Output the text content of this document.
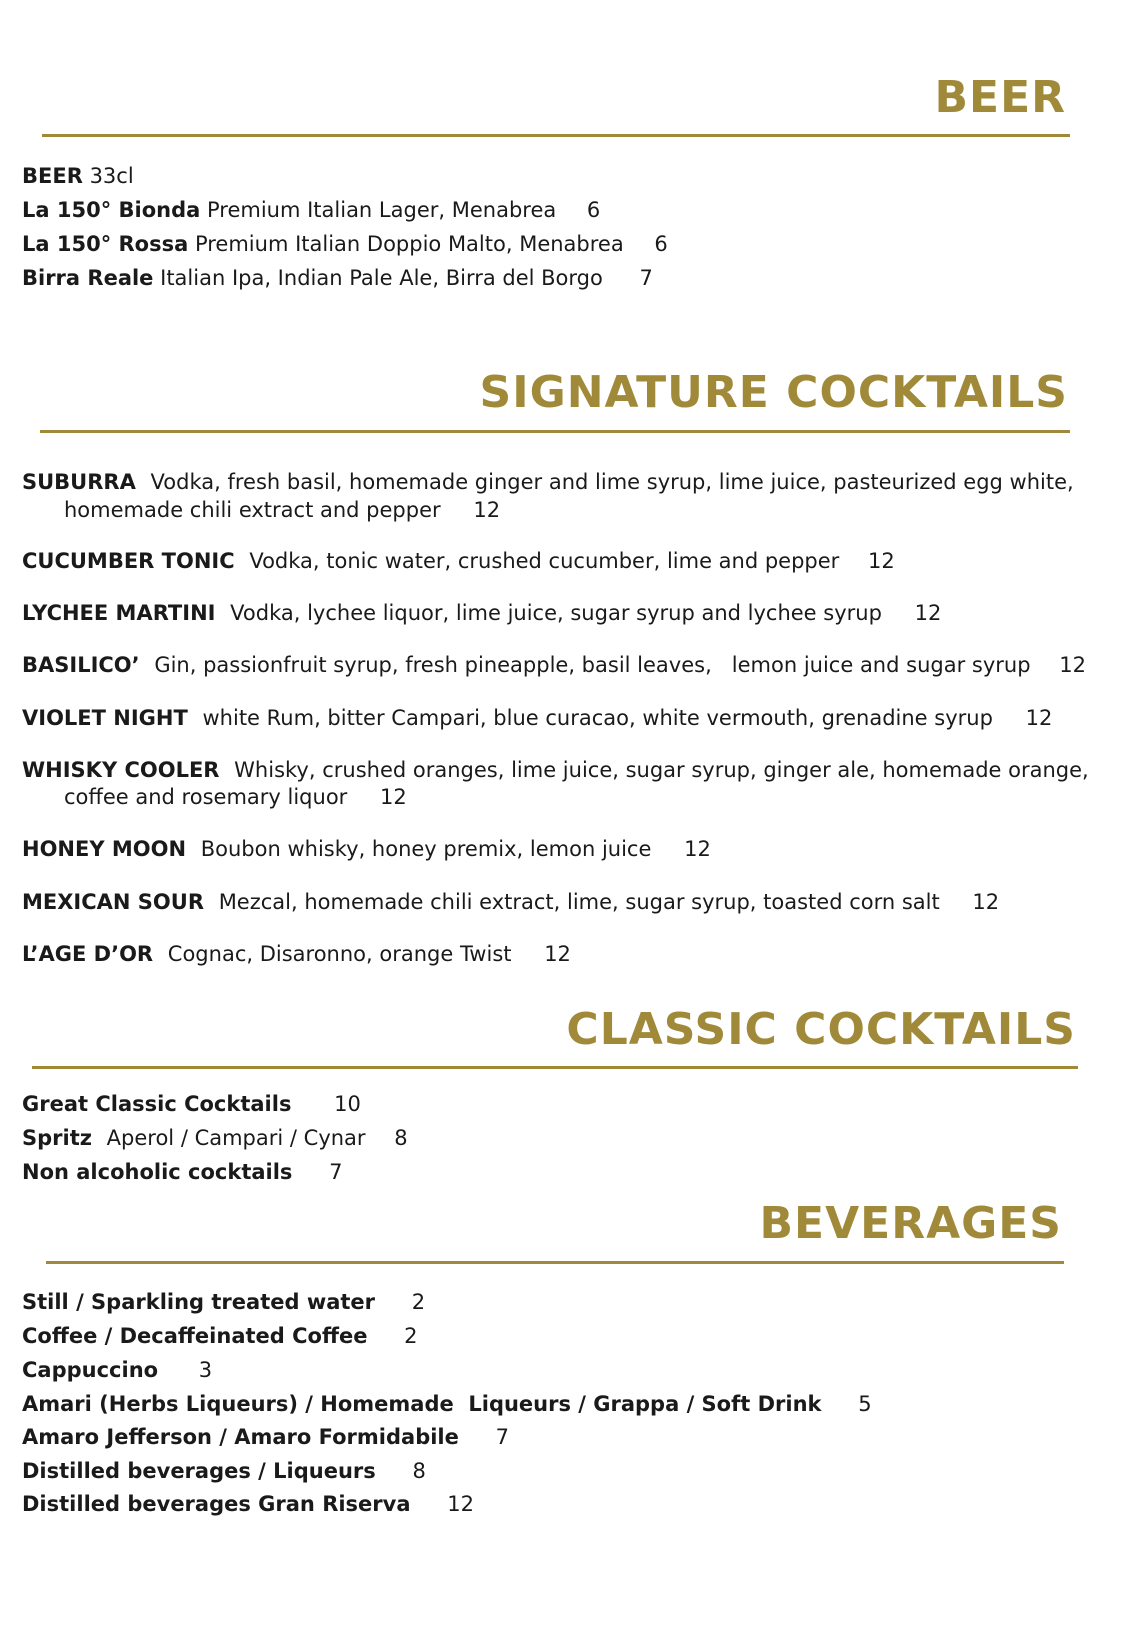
BEER
BEER 33cl
La 150° Bionda Premium Italian Lager, Menabrea 6
La 150° Rossa Premium Italian Doppio Malto, Menabrea 6
Birra Reale Italian Ipa, Indian Pale Ale, Birra del Borgo 7
SIGNATURE COCKTAILS
SUBURRA Vodka, fresh basil, homemade ginger and lime syrup, lime juice, pasteurized egg white,
homemade chili extract and pepper 12
CUCUMBER TONIC Vodka, tonic water, crushed cucumber, lime and pepper 12
LYCHEE MARTINI Vodka, lychee liquor, lime juice, sugar syrup and lychee syrup 12
BASILICO’ Gin, passionfruit syrup, fresh pineapple, basil leaves,   lemon juice and sugar syrup 12
VIOLET NIGHT white Rum, bitter Campari, blue curacao, white vermouth, grenadine syrup 12
WHISKY COOLER Whisky, crushed oranges, lime juice, sugar syrup, ginger ale, homemade orange,
coffee and rosemary liquor 12
HONEY MOON Boubon whisky, honey premix, lemon juice 12
MEXICAN SOUR Mezcal, homemade chili extract, lime, sugar syrup, toasted corn salt 12
L’AGE D’OR Cognac, Disaronno, orange Twist 12
CLASSIC COCKTAILS
Great Classic Cocktails 10
Spritz Aperol / Campari / Cynar 8
Non alcoholic cocktails 7
BEVERAGES
Still / Sparkling treated water 2
Coffee / Decaffeinated Coffee 2
Cappuccino 3
Amari (Herbs Liqueurs) / Homemade  Liqueurs / Grappa / Soft Drink 5
Amaro Jefferson / Amaro Formidabile 7
Distilled beverages / Liqueurs 8
Distilled beverages Gran Riserva 12
